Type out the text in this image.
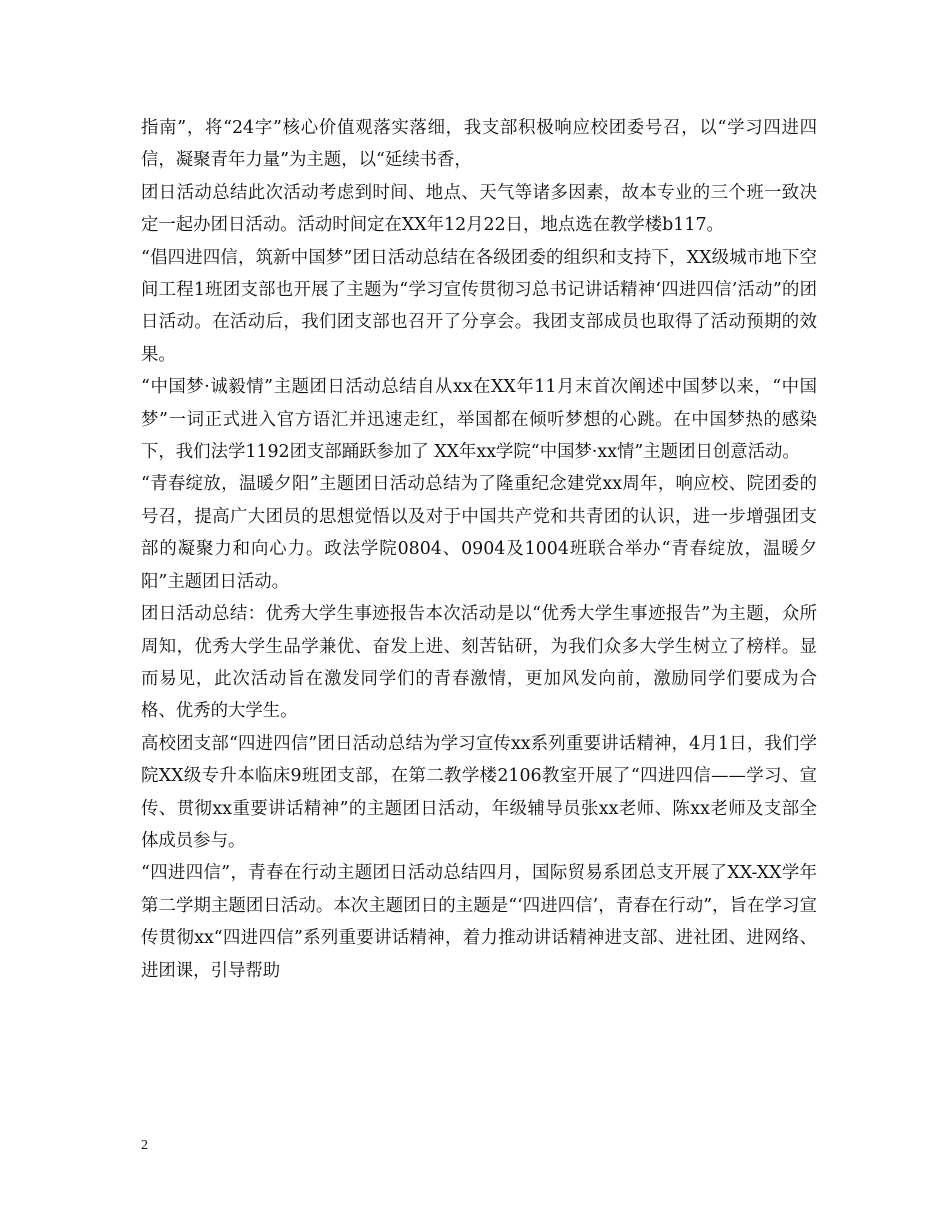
指南”，将“24字”核心价值观落实落细，我支部积极响应校团委号召，以“学习四进四信，凝聚青年力量”为主题，以“延续书香，

团日活动总结此次活动考虑到时间、地点、天气等诸多因素，故本专业的三个班一致决定一起办团日活动。活动时间定在XX年12月22日，地点选在教学楼b117。

“倡四进四信，筑新中国梦”团日活动总结在各级团委的组织和支持下，XX级城市地下空间工程1班团支部也开展了主题为“学习宣传贯彻习总书记讲话精神‘四进四信’活动”的团日活动。在活动后，我们团支部也召开了分享会。我团支部成员也取得了活动预期的效果。

“中国梦·诚毅情”主题团日活动总结自从xx在XX年11月末首次阐述中国梦以来，“中国梦”一词正式进入官方语汇并迅速走红，举国都在倾听梦想的心跳。在中国梦热的感染下，我们法学1192团支部踊跃参加了 XX年xx学院“中国梦·xx情”主题团日创意活动。

“青春绽放，温暖夕阳”主题团日活动总结为了隆重纪念建党xx周年，响应校、院团委的号召，提高广大团员的思想觉悟以及对于中国共产党和共青团的认识，进一步增强团支部的凝聚力和向心力。政法学院0804、0904及1004班联合举办“青春绽放，温暖夕阳”主题团日活动。

团日活动总结：优秀大学生事迹报告本次活动是以“优秀大学生事迹报告”为主题，众所周知，优秀大学生品学兼优、奋发上进、刻苦钻研，为我们众多大学生树立了榜样。显而易见，此次活动旨在激发同学们的青春激情，更加风发向前，激励同学们要成为合格、优秀的大学生。

高校团支部“四进四信”团日活动总结为学习宣传xx系列重要讲话精神，4月1日，我们学院XX级专升本临床9班团支部，在第二教学楼2106教室开展了“四进四信——学习、宣传、贯彻xx重要讲话精神”的主题团日活动，年级辅导员张xx老师、陈xx老师及支部全体成员参与。

“四进四信”，青春在行动主题团日活动总结四月，国际贸易系团总支开展了XX-XX学年第二学期主题团日活动。本次主题团日的主题是“‘四进四信’，青春在行动”，旨在学习宣传贯彻xx“四进四信”系列重要讲话精神，着力推动讲话精神进支部、进社团、进网络、进团课，引导帮助

2
